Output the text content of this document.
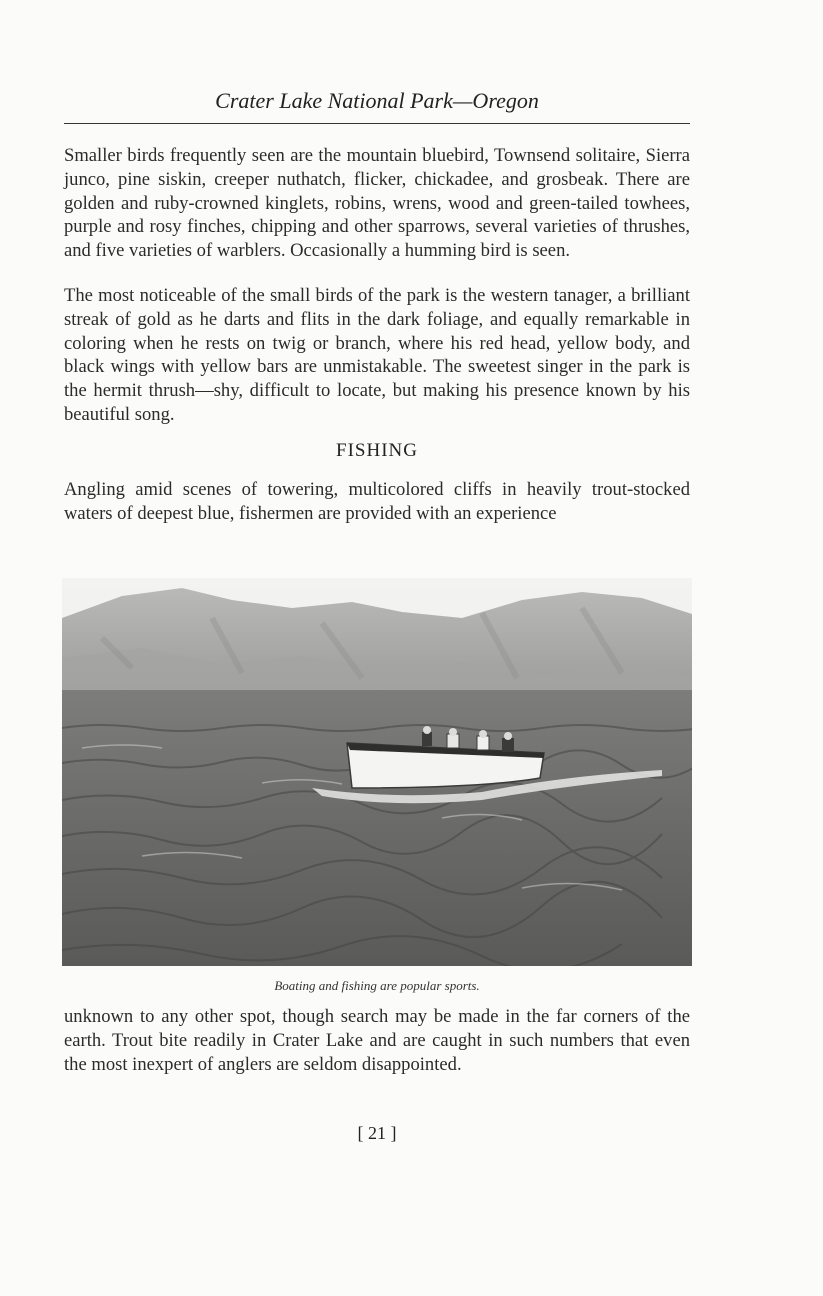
Crater Lake National Park—Oregon

Smaller birds frequently seen are the mountain bluebird, Townsend solitaire, Sierra junco, pine siskin, creeper nuthatch, flicker, chickadee, and grosbeak. There are golden and ruby-crowned kinglets, robins, wrens, wood and green-tailed towhees, purple and rosy finches, chipping and other sparrows, several varieties of thrushes, and five varieties of warblers. Occasionally a humming bird is seen.

The most noticeable of the small birds of the park is the western tanager, a brilliant streak of gold as he darts and flits in the dark foliage, and equally remarkable in coloring when he rests on twig or branch, where his red head, yellow body, and black wings with yellow bars are unmistakable. The sweetest singer in the park is the hermit thrush—shy, difficult to locate, but making his presence known by his beautiful song.

FISHING

Angling amid scenes of towering, multicolored cliffs in heavily trout-stocked waters of deepest blue, fishermen are provided with an experience

Boating and fishing are popular sports.

unknown to any other spot, though search may be made in the far corners of the earth. Trout bite readily in Crater Lake and are caught in such numbers that even the most inexpert of anglers are seldom disappointed.

[ 21 ]
